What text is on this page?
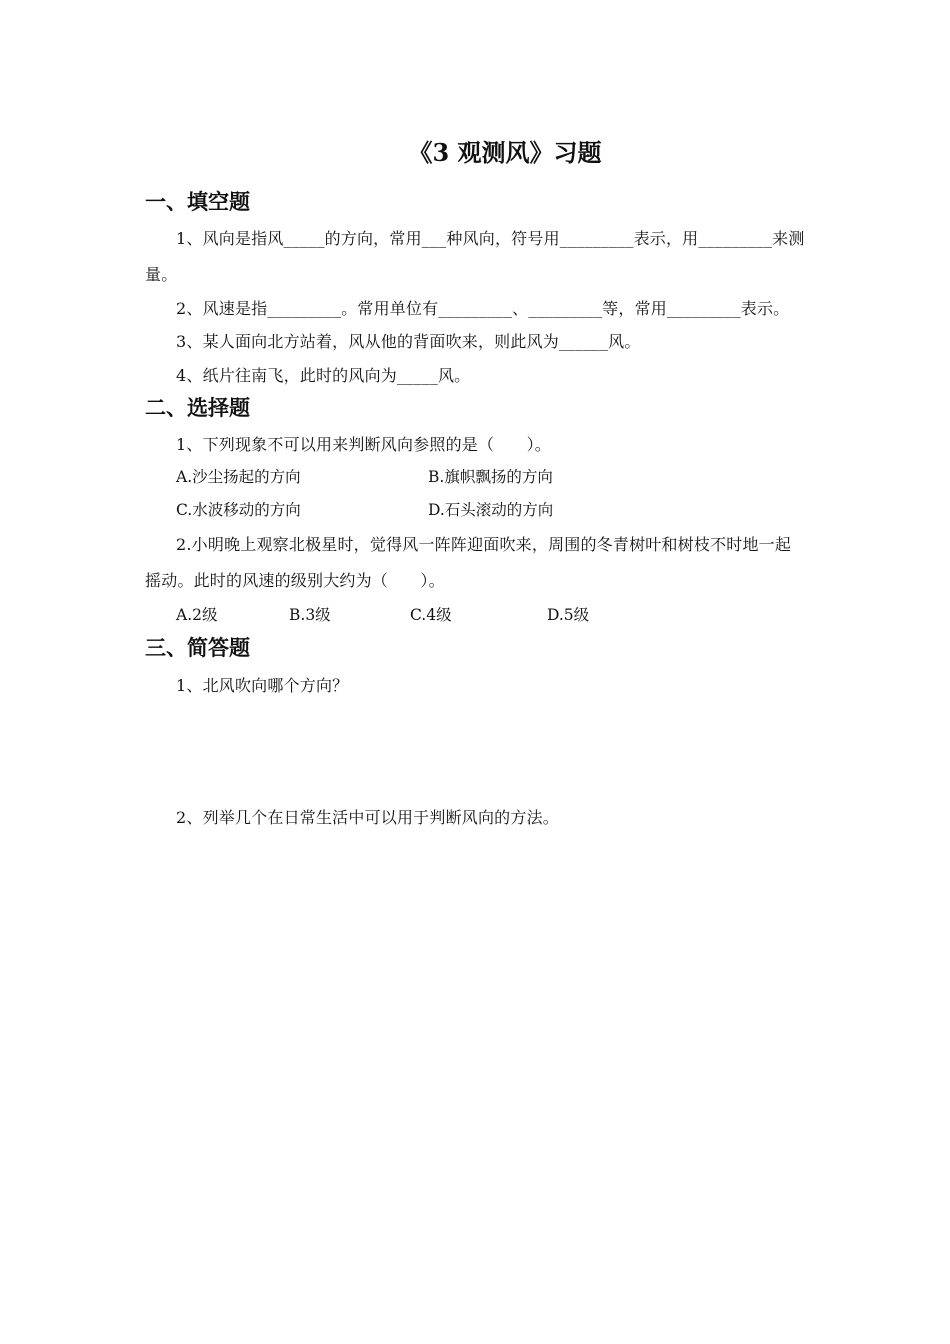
《3 观测风》习题
一、填空题
1、风向是指风_____的方向，常用___种风向，符号用_________表示，用_________来测
量。
2、风速是指_________。常用单位有_________、_________等，常用_________表示。
3、某人面向北方站着，风从他的背面吹来，则此风为______风。
4、纸片往南飞，此时的风向为_____风。
二、选择题
1、下列现象不可以用来判断风向参照的是（　　）。
A.沙尘扬起的方向	B.旗帜飘扬的方向
C.水波移动的方向	D.石头滚动的方向
2.小明晚上观察北极星时，觉得风一阵阵迎面吹来，周围的冬青树叶和树枝不时地一起
摇动。此时的风速的级别大约为（　　）。
A.2级	B.3级	C.4级	D.5级
三、简答题
1、北风吹向哪个方向？
2、列举几个在日常生活中可以用于判断风向的方法。
